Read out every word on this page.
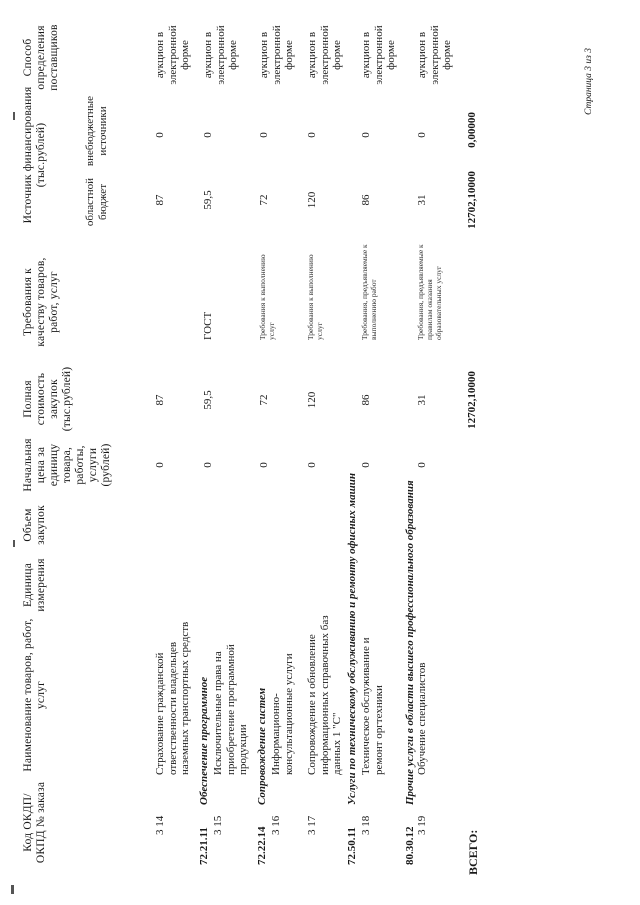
Код ОКДП/ ОКПД № заказа
Наименование товаров, работ, услуг
Единица измерения
Объем закупок
Начальная цена за единицу товара, работы, услуги (рублей)
Полная стоимость закупок (тыс.рублей)
Требования к качеству товаров, работ, услуг
Источник финансирования (тыс.рублей)
областной бюджет
внебюджетные источники
Способ определения поставщиков
3 14
Страхование гражданской ответственности владельцев наземных транспортных средств
0
87
87
0
аукцион в электронной форме
72.21.11
Обеспечение программное
3 15
Исключительные права на приобретение программной продукции
0
59,5
ГОСТ
59,5
0
аукцион в электронной форме
72.22.14
Сопровождение систем
3 16
Информационно-консультационные услуги
0
72
Требования к выполнению услуг
72
0
аукцион в электронной форме
3 17
Сопровождение и обновление информационных справочных баз данных 1 "С"
0
120
Требования к выполнению услуг
120
0
аукцион в электронной форме
72.50.11
Услуги по техническому обслуживанию и ремонту офисных машин
3 18
Техническое обслуживание и ремонт оргтехники
0
86
Требования, предъявляемые к выполнению работ
86
0
аукцион в электронной форме
80.30.12
Прочие услуги в области высшего профессионального образования
3 19
Обучение специалистов
0
31
Требования, предъявляемые к правилам оказания образовательных услуг
31
0
аукцион в электронной форме
ВСЕГО:
12702,10000
12702,10000
0,00000
Страница 3 из 3
